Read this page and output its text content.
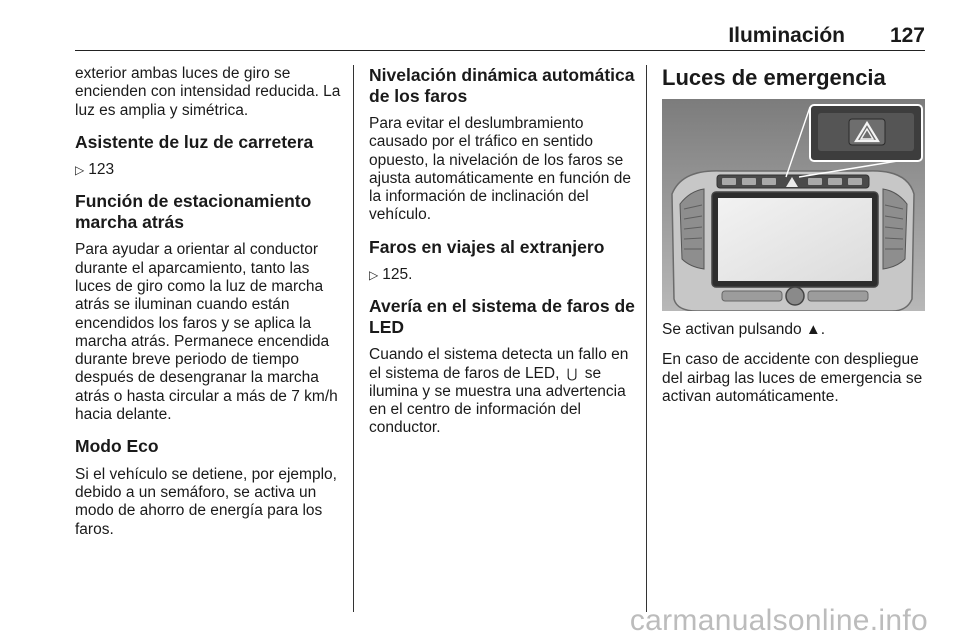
Iluminación 127

exterior ambas luces de giro se encienden con intensidad reducida. La luz es amplia y simétrica.

Asistente de luz de carretera
▷ 123
Función de estacionamiento marcha atrás

Para ayudar a orientar al conductor durante el aparcamiento, tanto las luces de giro como la luz de marcha atrás se iluminan cuando están encendidos los faros y se aplica la marcha atrás. Permanece encendida durante breve periodo de tiempo después de desengranar la marcha atrás o hasta circular a más de 7 km/h hacia delante.

Modo Eco

Si el vehículo se detiene, por ejemplo, debido a un semáforo, se activa un modo de ahorro de energía para los faros.

Nivelación dinámica automática de los faros

Para evitar el deslumbramiento causado por el tráfico en sentido opuesto, la nivelación de los faros se ajusta automáticamente en función de la información de inclinación del vehículo.

Faros en viajes al extranjero
▷ 125.
Avería en el sistema de faros de LED

Cuando el sistema detecta un fallo en el sistema de faros de LED, ⋃ se ilumina y se muestra una advertencia en el centro de información del conductor.

Luces de emergencia

Se activan pulsando ▲.

En caso de accidente con despliegue del airbag las luces de emergencia se activan automáticamente.

carmanualsonline.info
